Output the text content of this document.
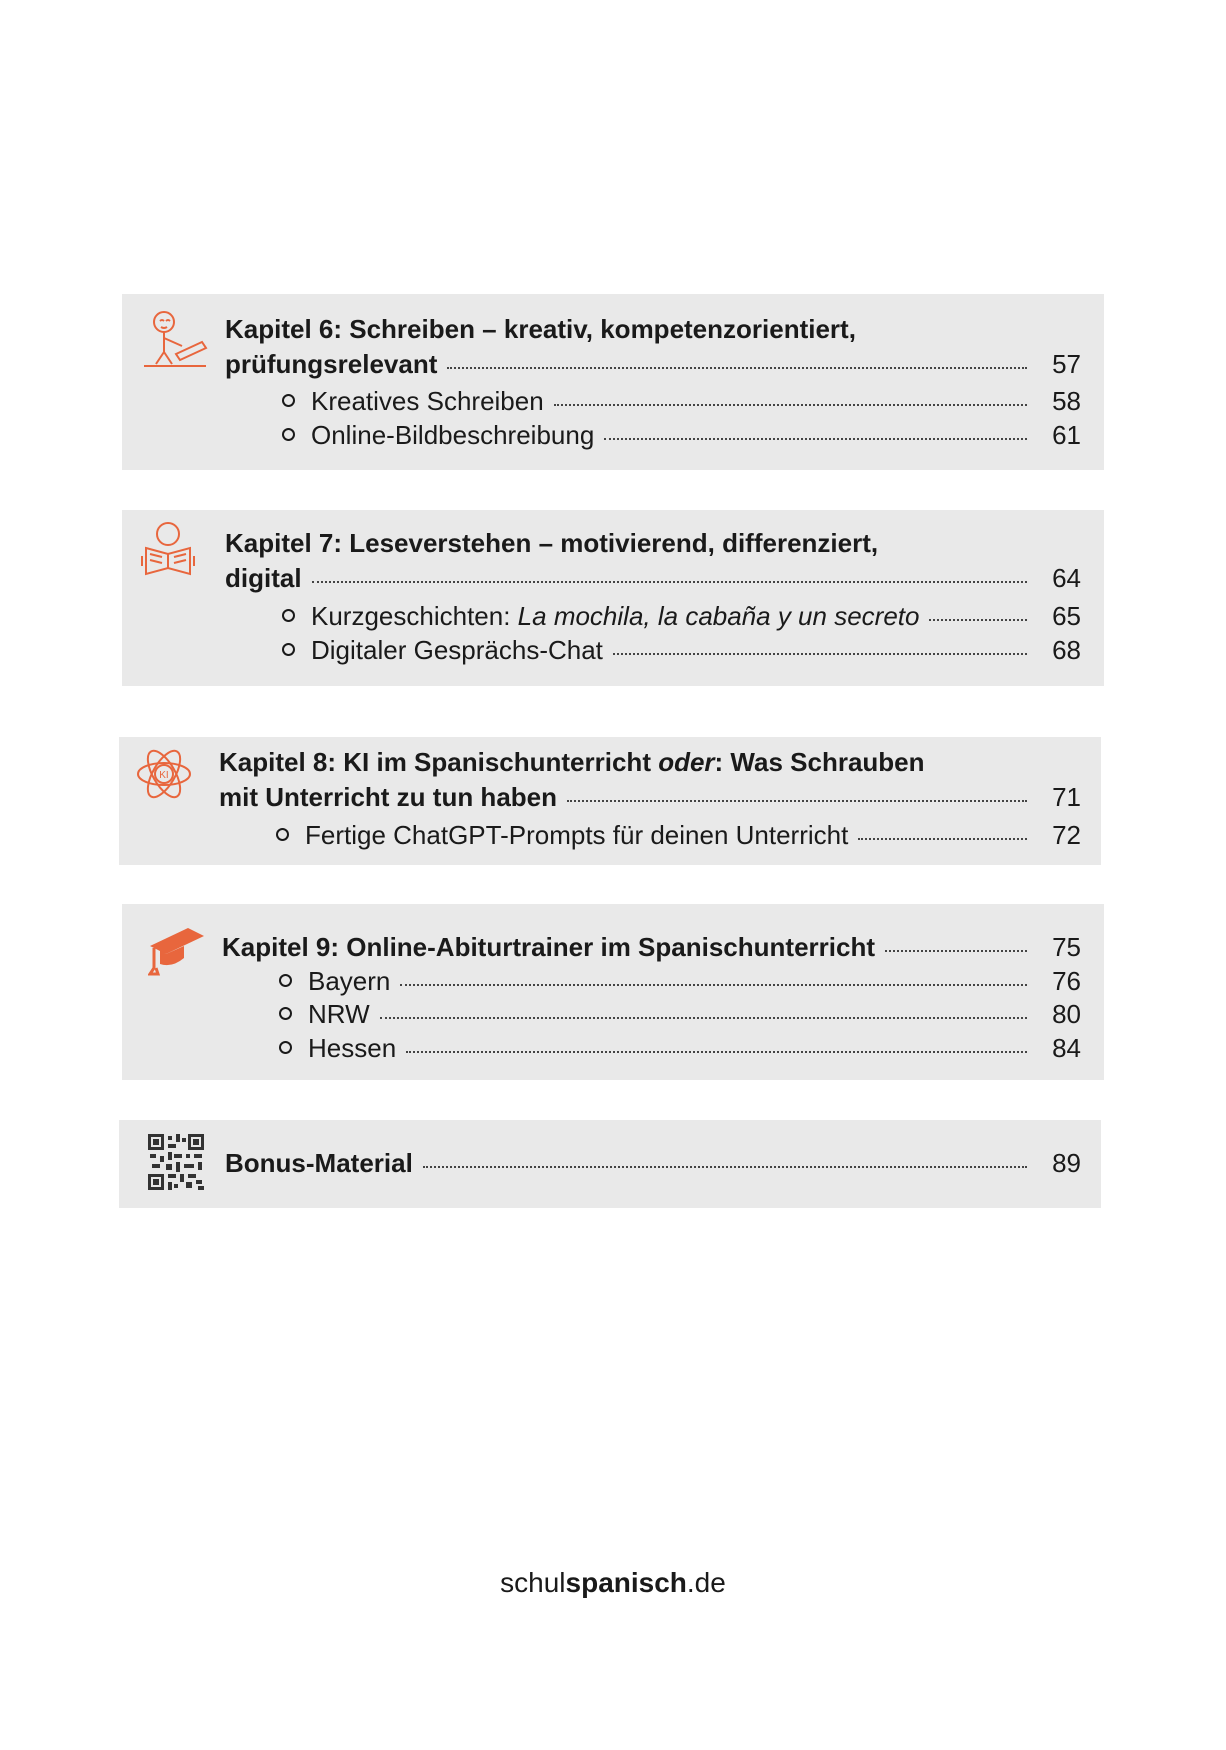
Kapitel 6: Schreiben – kreativ, kompetenzorientiert,
prüfungsrelevant	57
Kreatives Schreiben	58
Online-Bildbeschreibung	61
Kapitel 7: Leseverstehen – motivierend, differenziert,
digital	64
Kurzgeschichten: La mochila, la cabaña y un secreto	65
Digitaler Gesprächs-Chat	68
KI Kapitel 8: KI im Spanischunterricht oder: Was Schrauben
mit Unterricht zu tun haben	71
Fertige ChatGPT-Prompts für deinen Unterricht	72
Kapitel 9: Online-Abiturtrainer im Spanischunterricht	75
Bayern	76
NRW	80
Hessen	84
Bonus-Material	89
schulspanisch.de
